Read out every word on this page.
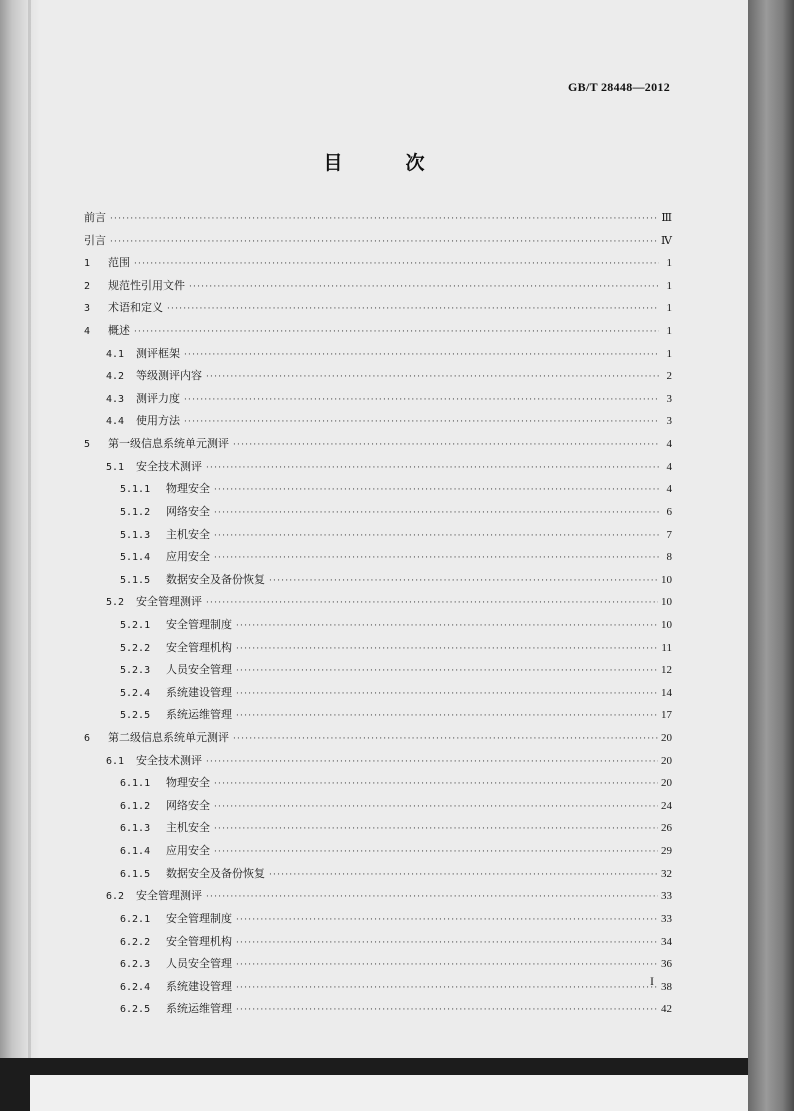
GB/T 28448—2012
目　次
前言 ·····	Ⅲ
引言 ·····	Ⅳ
1	范围 ·····	1
2	规范性引用文件 ·····	1
3	术语和定义 ·····	1
4	概述 ·····	1
4.1	测评框架 ·····	1
4.2	等级测评内容 ·····	2
4.3	测评力度 ·····	3
4.4	使用方法 ·····	3
5	第一级信息系统单元测评 ·····	4
5.1	安全技术测评 ·····	4
5.1.1	物理安全 ·····	4
5.1.2	网络安全 ·····	6
5.1.3	主机安全 ·····	7
5.1.4	应用安全 ·····	8
5.1.5	数据安全及备份恢复 ·····	10
5.2	安全管理测评 ·····	10
5.2.1	安全管理制度 ·····	10
5.2.2	安全管理机构 ·····	11
5.2.3	人员安全管理 ·····	12
5.2.4	系统建设管理 ·····	14
5.2.5	系统运维管理 ·····	17
6	第二级信息系统单元测评 ·····	20
6.1	安全技术测评 ·····	20
6.1.1	物理安全 ·····	20
6.1.2	网络安全 ·····	24
6.1.3	主机安全 ·····	26
6.1.4	应用安全 ·····	29
6.1.5	数据安全及备份恢复 ·····	32
6.2	安全管理测评 ·····	33
6.2.1	安全管理制度 ·····	33
6.2.2	安全管理机构 ·····	34
6.2.3	人员安全管理 ·····	36
6.2.4	系统建设管理 ·····	38
6.2.5	系统运维管理 ·····	42
I
